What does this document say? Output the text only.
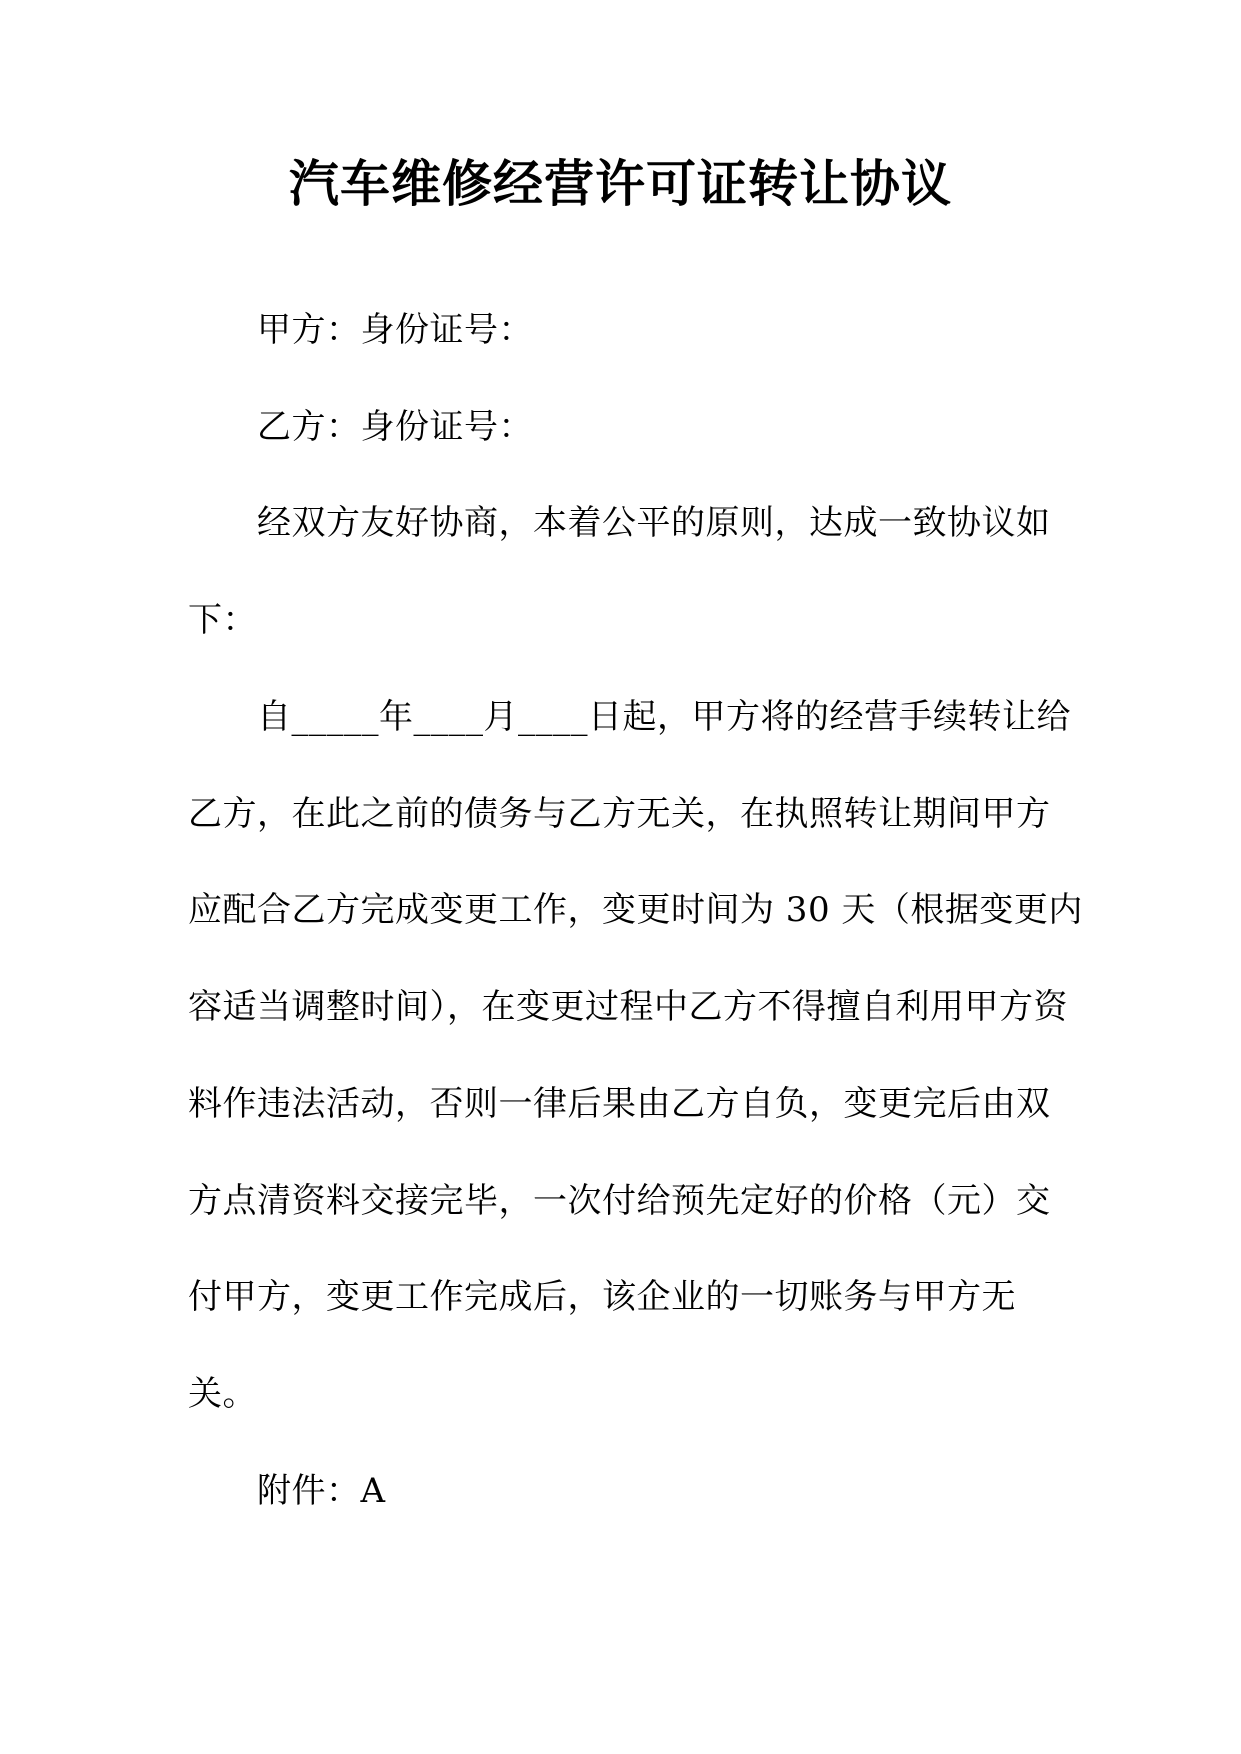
汽车维修经营许可证转让协议
甲方：身份证号：
乙方：身份证号：
经双方友好协商，本着公平的原则，达成一致协议如
下：
自_____年____月____日起，甲方将的经营手续转让给
乙方，在此之前的债务与乙方无关，在执照转让期间甲方
应配合乙方完成变更工作，变更时间为 30 天（根据变更内
容适当调整时间），在变更过程中乙方不得擅自利用甲方资
料作违法活动，否则一律后果由乙方自负，变更完后由双
方点清资料交接完毕，一次付给预先定好的价格（元）交
付甲方，变更工作完成后，该企业的一切账务与甲方无
关。
附件：A
